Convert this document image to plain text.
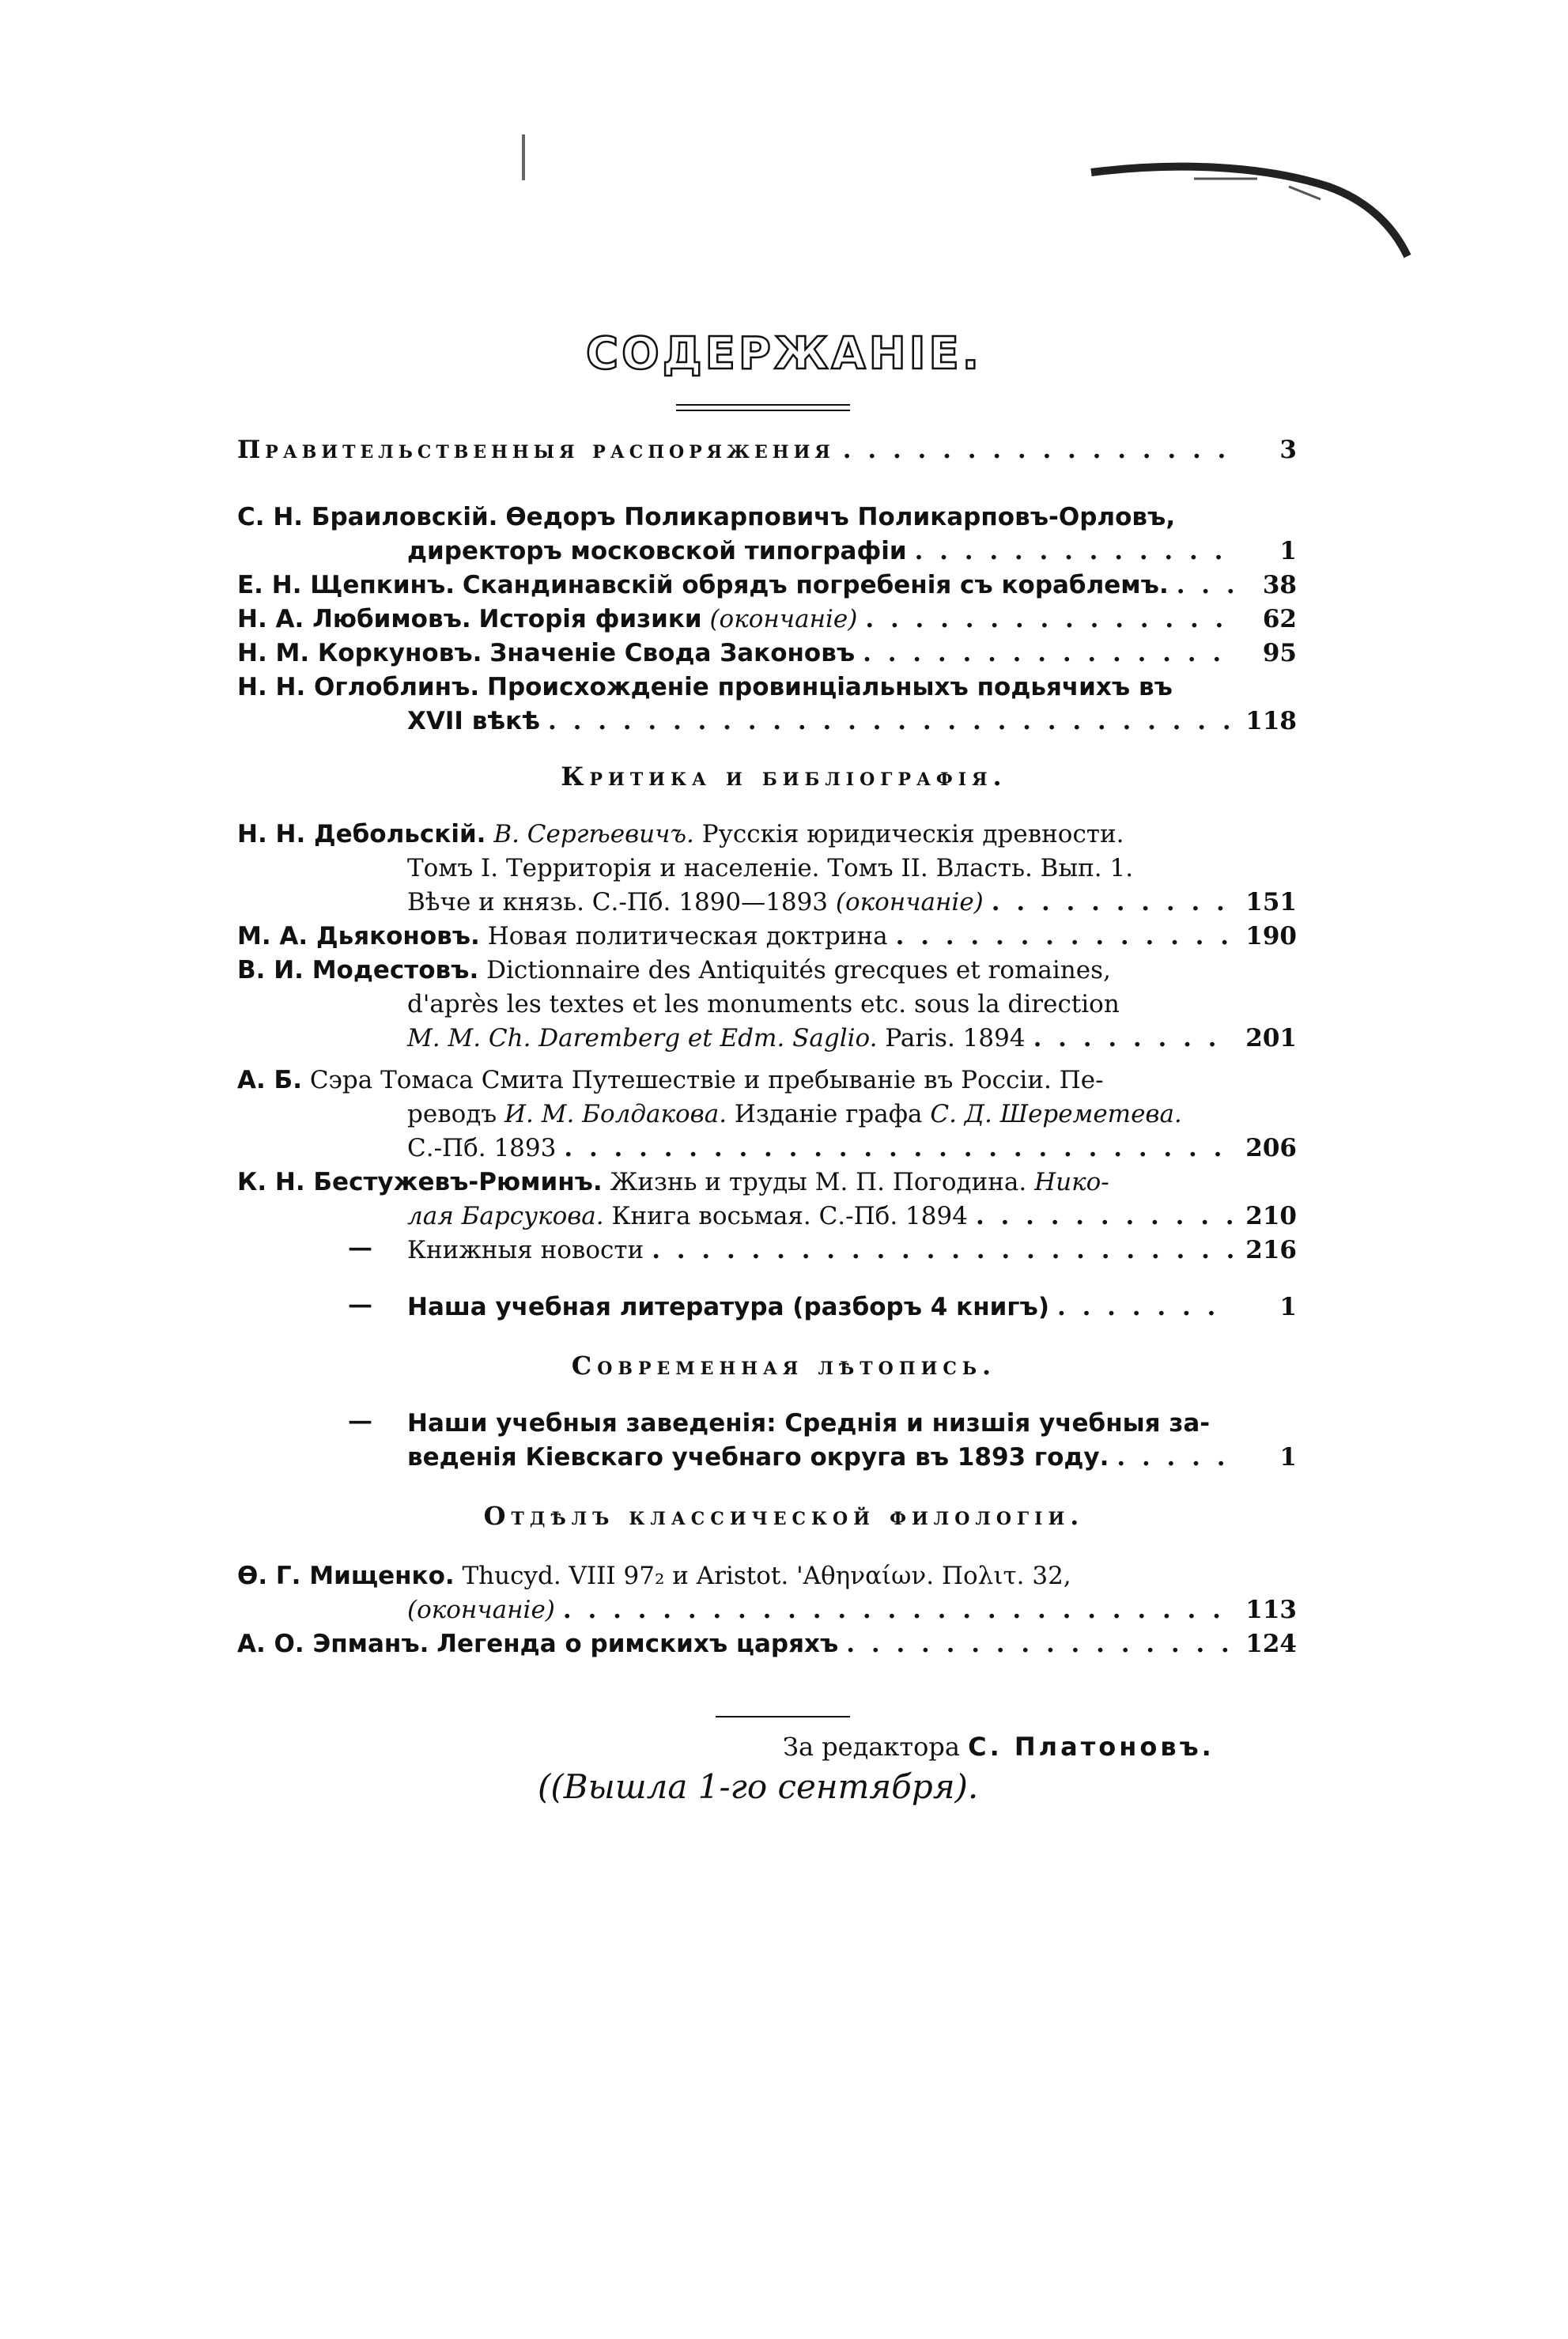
СОДЕРЖАНІЕ.
Правительственныя распоряжения . . .	3
С. Н. Браиловскій.
Өедоръ Поликарповичъ Поликарповъ-Орловъ,
директоръ московской типографіи . . .	1
Е. Н. Щепкинъ.
Скандинавскій обрядъ погребенія съ кораблемъ. . . .	38
Н. А. Любимовъ.
Исторія физики
(окончаніе) . . .	62
Н. М. Коркуновъ.
Значеніе Свода Законовъ . . .	95
Н. Н. Оглоблинъ.
Происхожденіе провинціальныхъ подьячихъ въ
XVII вѣкѣ . . .	118
Критика и библіографія.
Н. Н. Дебольскій.
В. Сергѣевичъ.
Русскія юридическія древности.
Томъ I. Территорія и населеніе. Томъ II. Власть. Вып. 1.
Вѣче и князь. С.-Пб. 1890—1893
(окончаніе) . . .	151
М. А. Дьяконовъ.
Новая политическая доктрина . . .	190
В. И. Модестовъ.
Dictionnaire des Antiquités grecques et romaines,
d'après les textes et les monuments etc. sous la direction
M. M. Ch. Daremberg et Edm. Saglio.
Paris. 1894 . . .	201
А. Б.
Сэра Томаса Смита Путешествіе и пребываніе въ Россіи. Пе-
реводъ
И. М. Болдакова.
Изданіе графа
С. Д. Шереметева.
С.-Пб. 1893 . . .	206
К. Н. Бестужевъ-Рюминъ.
Жизнь и труды М. П. Погодина.
Нико-
лая Барсукова.
Книга восьмая. С.-Пб. 1894 . . .	210
— Книжныя новости . . .	216
— Наша учебная литература (разборъ 4 книгъ) . . .	1
Современная лѣтопись.
— Наши учебныя заведенія: Среднія и низшія учебныя за-
веденія Кіевскаго учебнаго округа въ 1893 году. . . .	1
Отдѣлъ классической филологіи.
Ө. Г. Мищенко.
Thucyd. VIII 97₂ и Aristot. 'Αθηναίων. Πολιτ. 32,
(окончаніе) . . .	113
А. О. Эпманъ.
Легенда о римскихъ царяхъ . . .	124
За редактора С. Платоновъ.
((Вышла 1-го сентября).
